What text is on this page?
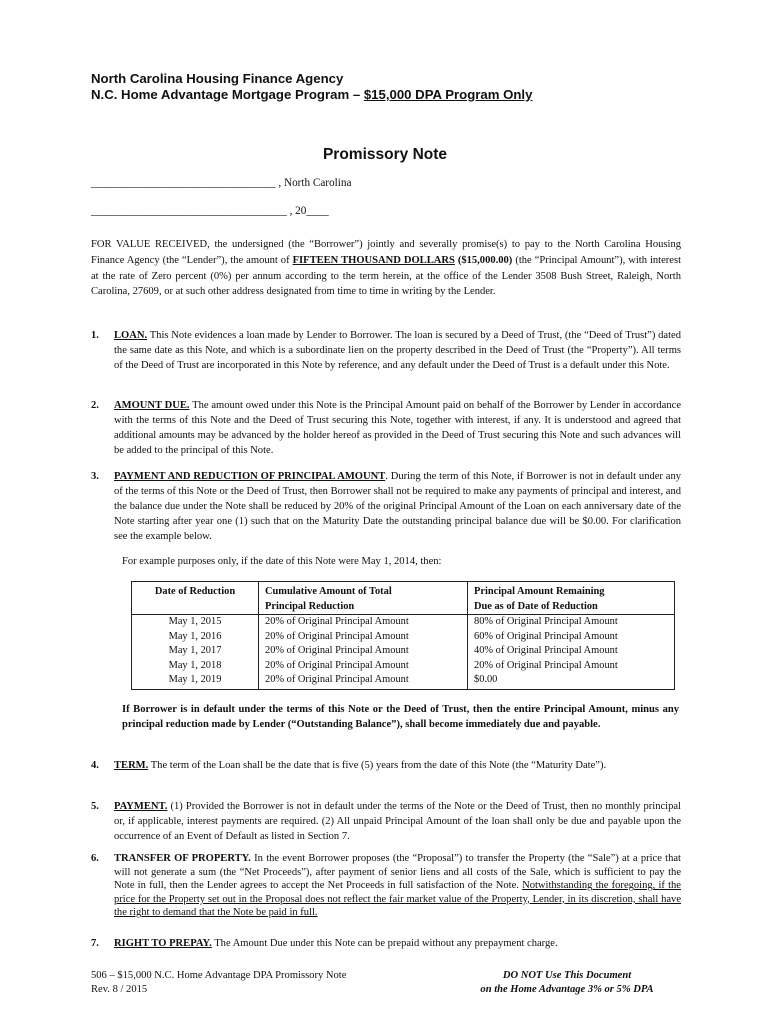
North Carolina Housing Finance Agency
N.C. Home Advantage Mortgage Program – $15,000 DPA Program Only
Promissory Note
_________________________________ , North Carolina
___________________________________ , 20____
FOR VALUE RECEIVED, the undersigned (the “Borrower”) jointly and severally promise(s) to pay to the North Carolina Housing Finance Agency (the “Lender”), the amount of FIFTEEN THOUSAND DOLLARS ($15,000.00) (the “Principal Amount”), with interest at the rate of Zero percent (0%) per annum according to the term herein, at the office of the Lender 3508 Bush Street, Raleigh, North Carolina, 27609, or at such other address designated from time to time in writing by the Lender.
1. LOAN. This Note evidences a loan made by Lender to Borrower. The loan is secured by a Deed of Trust, (the “Deed of Trust”) dated the same date as this Note, and which is a subordinate lien on the property described in the Deed of Trust (the “Property”). All terms of the Deed of Trust are incorporated in this Note by reference, and any default under the Deed of Trust is a default under this Note.
2. AMOUNT DUE. The amount owed under this Note is the Principal Amount paid on behalf of the Borrower by Lender in accordance with the terms of this Note and the Deed of Trust securing this Note, together with interest, if any. It is understood and agreed that additional amounts may be advanced by the holder hereof as provided in the Deed of Trust securing this Note and such advances will be added to the principal of this Note.
3. PAYMENT AND REDUCTION OF PRINCIPAL AMOUNT. During the term of this Note, if Borrower is not in default under any of the terms of this Note or the Deed of Trust, then Borrower shall not be required to make any payments of principal and interest, and the balance due under the Note shall be reduced by 20% of the original Principal Amount of the Loan on each anniversary date of the Note starting after year one (1) such that on the Maturity Date the outstanding principal balance due will be $0.00. For clarification see the example below.
For example purposes only, if the date of this Note were May 1, 2014, then:
Date of Reduction	Cumulative Amount of Total	Principal Amount Remaining
	Principal Reduction	Due as of Date of Reduction
May 1, 2015	20% of Original Principal Amount	80% of Original Principal Amount
May 1, 2016	20% of Original Principal Amount	60% of Original Principal Amount
May 1, 2017	20% of Original Principal Amount	40% of Original Principal Amount
May 1, 2018	20% of Original Principal Amount	20% of Original Principal Amount
May 1, 2019	20% of Original Principal Amount	$0.00
If Borrower is in default under the terms of this Note or the Deed of Trust, then the entire Principal Amount, minus any principal reduction made by Lender (“Outstanding Balance”), shall become immediately due and payable.
4. TERM. The term of the Loan shall be the date that is five (5) years from the date of this Note (the “Maturity Date”).
5. PAYMENT. (1) Provided the Borrower is not in default under the terms of the Note or the Deed of Trust, then no monthly principal or, if applicable, interest payments are required. (2) All unpaid Principal Amount of the loan shall only be due and payable upon the occurrence of an Event of Default as listed in Section 7.
6. TRANSFER OF PROPERTY. In the event Borrower proposes (the “Proposal”) to transfer the Property (the “Sale”) at a price that will not generate a sum (the “Net Proceeds”), after payment of senior liens and all costs of the Sale, which is sufficient to pay the Note in full, then the Lender agrees to accept the Net Proceeds in full satisfaction of the Note. Notwithstanding the foregoing, if the price for the Property set out in the Proposal does not reflect the fair market value of the Property, Lender, in its discretion, shall have the right to demand that the Note be paid in full.
7. RIGHT TO PREPAY. The Amount Due under this Note can be prepaid without any prepayment charge.
506 – $15,000 N.C. Home Advantage DPA Promissory Note
Rev. 8 / 2015
DO NOT Use This Document
on the Home Advantage 3% or 5% DPA
